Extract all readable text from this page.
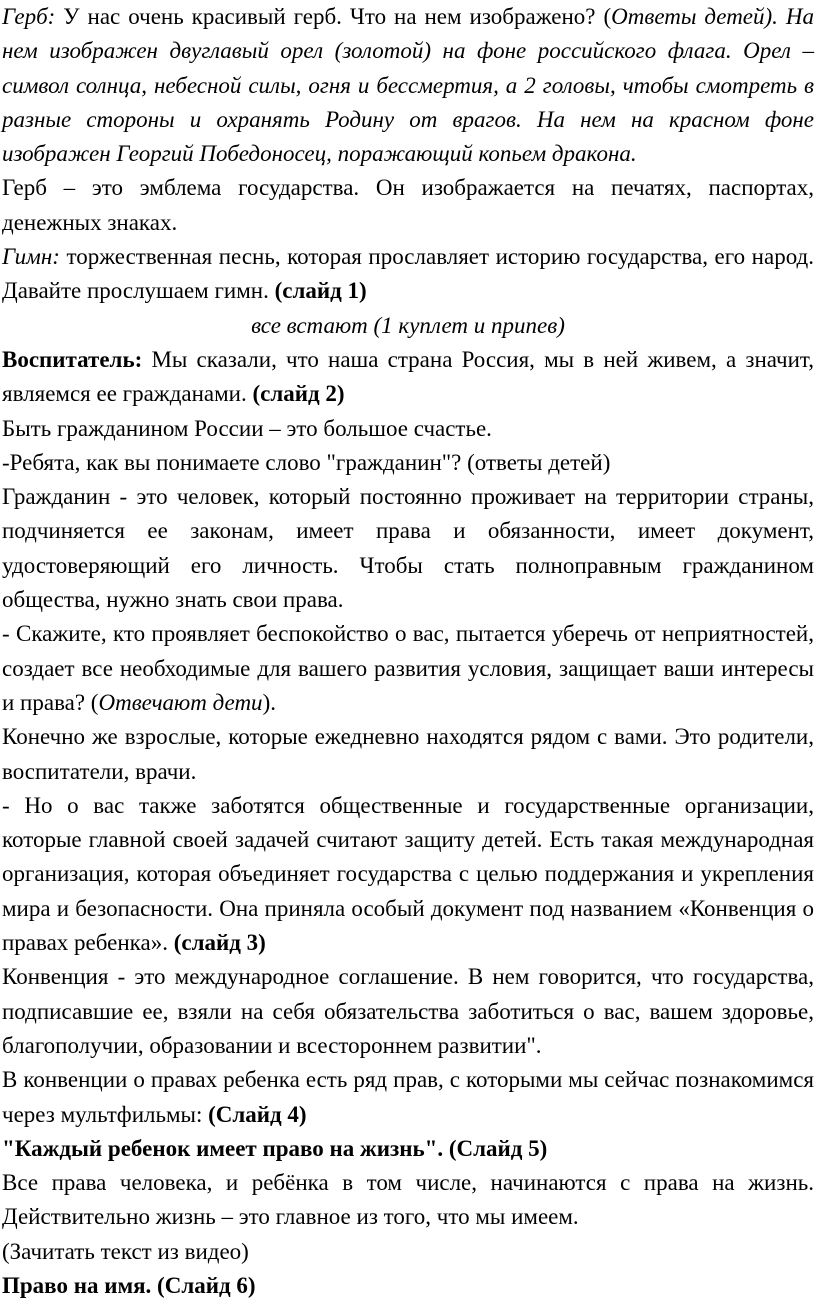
Герб: У нас очень красивый герб. Что на нем изображено? (Ответы детей). На нем изображен двуглавый орел (золотой) на фоне российского флага. Орел – символ солнца, небесной силы, огня и бессмертия, а 2 головы, чтобы смотреть в разные стороны и охранять Родину от врагов. На нем на красном фоне изображен Георгий Победоносец, поражающий копьем дракона.

Герб – это эмблема государства. Он изображается на печатях, паспортах, денежных знаках.

Гимн: торжественная песнь, которая прославляет историю государства, его народ. Давайте прослушаем гимн. (слайд 1)

все встают (1 куплет и припев)

Воспитатель: Мы сказали, что наша страна Россия, мы в ней живем, а значит, являемся ее гражданами. (слайд 2)

Быть гражданином России – это большое счастье.

-Ребята, как вы понимаете слово "гражданин"? (ответы детей)

Гражданин - это человек, который постоянно проживает на территории страны, подчиняется ее законам, имеет права и обязанности, имеет документ, удостоверяющий его личность. Чтобы стать полноправным гражданином общества, нужно знать свои права.

- Скажите, кто проявляет беспокойство о вас, пытается уберечь от неприятностей, создает все необходимые для вашего развития условия, защищает ваши интересы и права? (Отвечают дети).

Конечно же взрослые, которые ежедневно находятся рядом с вами. Это родители, воспитатели, врачи.

- Но о вас также заботятся общественные и государственные организации, которые главной своей задачей считают защиту детей. Есть такая международная организация, которая объединяет государства с целью поддержания и укрепления мира и безопасности. Она приняла особый документ под названием «Конвенция о правах ребенка». (слайд 3)

Конвенция - это международное соглашение. В нем говорится, что государства, подписавшие ее, взяли на себя обязательства заботиться о вас, вашем здоровье, благополучии, образовании и всестороннем развитии".

В конвенции о правах ребенка есть ряд прав, с которыми мы сейчас познакомимся через мультфильмы: (Слайд 4)

"Каждый ребенок имеет право на жизнь". (Слайд 5)

Все права человека, и ребёнка в том числе, начинаются с права на жизнь. Действительно жизнь – это главное из того, что мы имеем.

(Зачитать текст из видео)

Право на имя. (Слайд 6)
